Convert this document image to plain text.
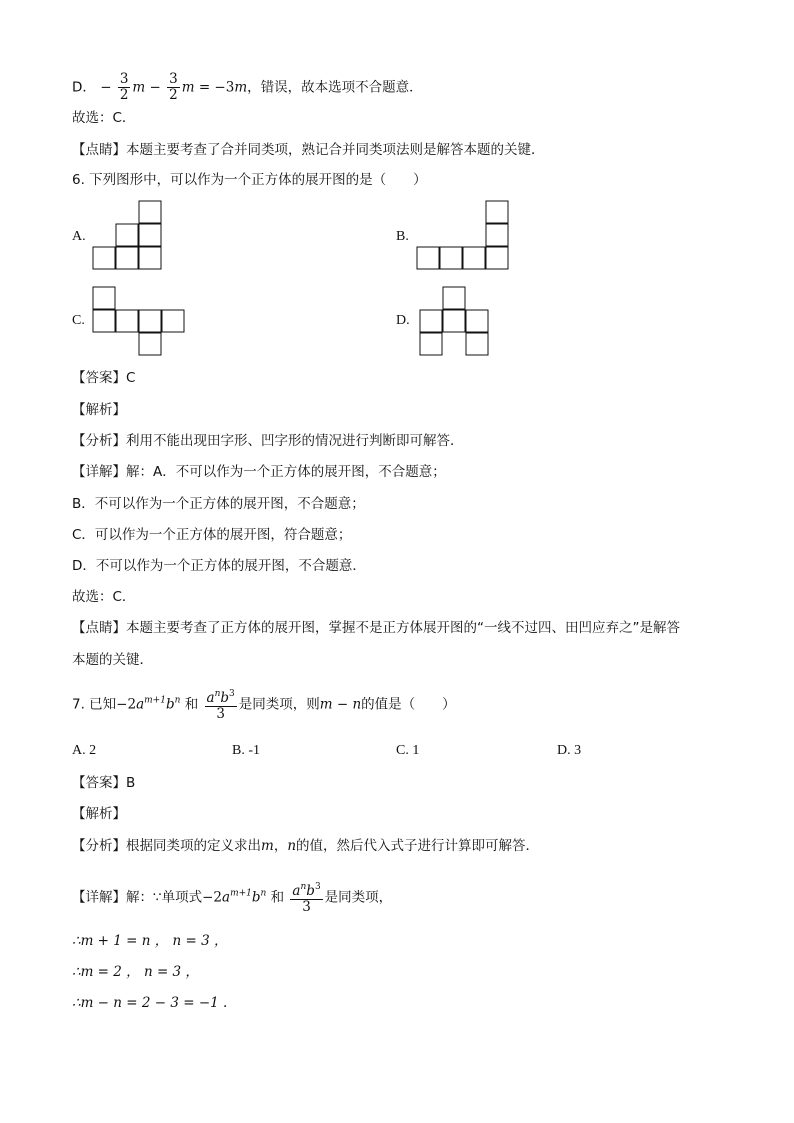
D． − $\frac{3}{2}$ $m - \frac{3}{2}$ m = −3m，错误，故本选项不合题意．
故选：C．
【点睛】本题主要考查了合并同类项，熟记合并同类项法则是解答本题的关键．
6. 下列图形中，可以作为一个正方体的展开图的是（　　）
A.	B.
C.	D.
【答案】C
【解析】
【分析】利用不能出现田字形、凹字形的情况进行判断即可解答．
【详解】解：A．不可以作为一个正方体的展开图，不合题意；
B．不可以作为一个正方体的展开图，不合题意；
C．可以作为一个正方体的展开图，符合题意；
D．不可以作为一个正方体的展开图，不合题意．
故选：C．
【点睛】本题主要考查了正方体的展开图，掌握不是正方体展开图的“一线不过四、田凹应弃之”是解答
本题的关键．
7. 已知$-2a^{m+1}b^n$ 和 $\frac{a^nb^3}{3}$ 是同类项，则m − n的值是（　　）
A. 2	B. -1	C. 1	D. 3
【答案】B
【解析】
【分析】根据同类项的定义求出m，n的值，然后代入式子进行计算即可解答．
【详解】解：∵单项式$-2a^{m+1}b^n$ 和 $\frac{a^nb^3}{3}$ 是同类项，
∴m + 1 = n ， n = 3 ，
∴m = 2 ， n = 3 ，
∴m − n = 2 − 3 = −1 .
